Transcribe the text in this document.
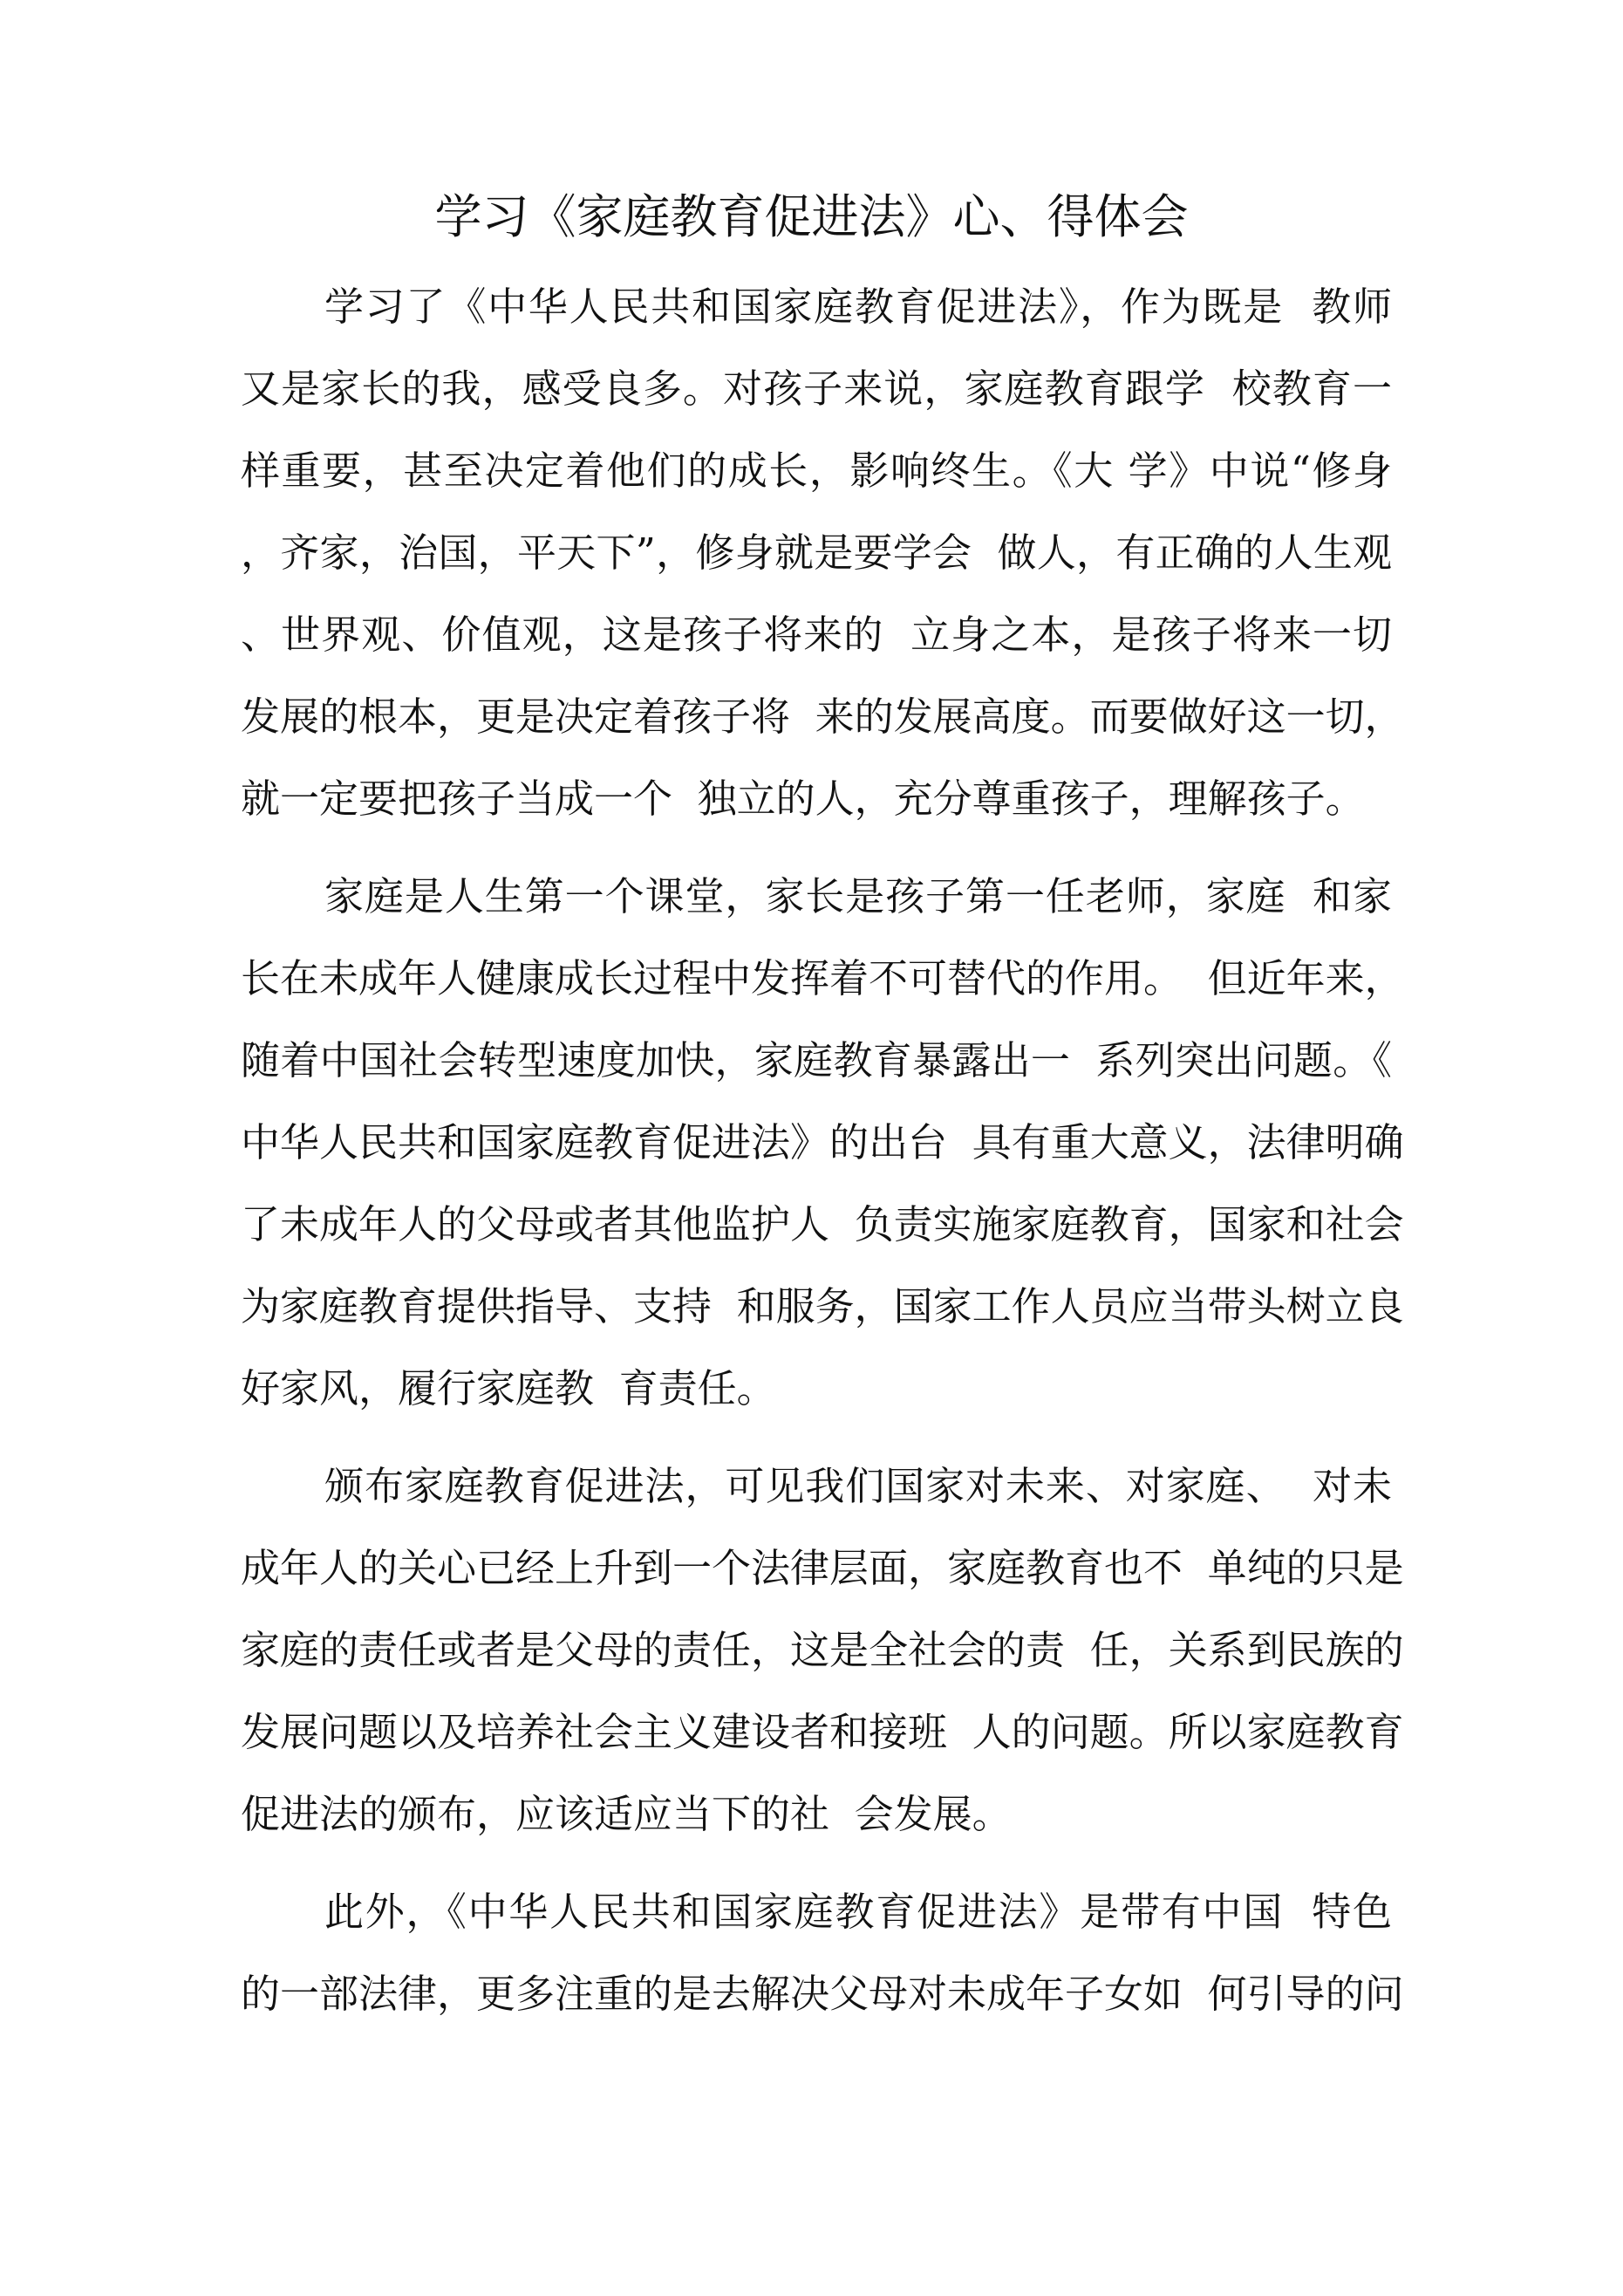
学习《家庭教育促进法》心、得体会
学习了《中华人民共和国家庭教育促进法》，作为既是  教师
又是家长的我，感受良多。对孩子来说，家庭教育跟学  校教育一
样重要，甚至决定着他们的成长，影响终生。《大 学》中说“修身
，齐家，治国，平天下”，修身就是要学会  做人，有正确的人生观
、世界观、价值观，这是孩子将来的  立身之本，是孩子将来一切
发展的根本，更是决定着孩子将  来的发展高度。而要做好这一切，
就一定要把孩子当成一个  独立的人，充分尊重孩子，理解孩子。
家庭是人生第一个课堂，家长是孩子第一任老师，家庭  和家
长在未成年人健康成长过程中发挥着不可替代的作用。  但近年来，
随着中国社会转型速度加快，家庭教育暴露出一  系列突出问题。《
中华人民共和国家庭教育促进法》的出台  具有重大意义，法律明确
了未成年人的父母或者其他监护人  负责实施家庭教育，国家和社会
为家庭教育提供指导、支持  和服务，国家工作人员应当带头树立良
好家风，履行家庭教  育责任。
颁布家庭教育促进法，可见我们国家对未来、对家庭、  对未
成年人的关心已经上升到一个法律层面，家庭教育也不  单纯的只是
家庭的责任或者是父母的责任，这是全社会的责  任，关系到民族的
发展问题以及培养社会主义建设者和接班  人的问题。所以家庭教育
促进法的颁布，应该适应当下的社  会发展。
此外，《中华人民共和国家庭教育促进法》是带有中国  特色
的一部法律，更多注重的是去解决父母对未成年子女如  何引导的问
